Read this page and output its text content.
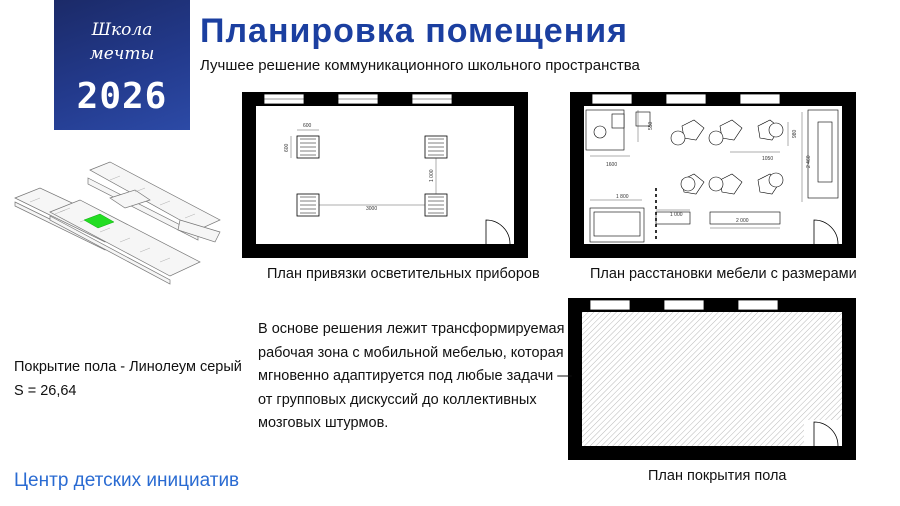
Школа
мечты
2026
Планировка помещения
Лучшее решение коммуникационного школьного пространства
600
600
3000
1 000
План привязки осветительных приборов
550
1600
980
2 460
1050
1 800
1 000
2 000
План расстановки мебели с размерами
План покрытия пола
В основе решения лежит трансформируемая рабочая зона с мобильной мебелью, которая мгновенно адаптируется под любые задачи — от групповых дискуссий до коллективных мозговых штурмов.
Покрытие пола - Линолеум серый
S = 26,64
Центр детских инициатив
